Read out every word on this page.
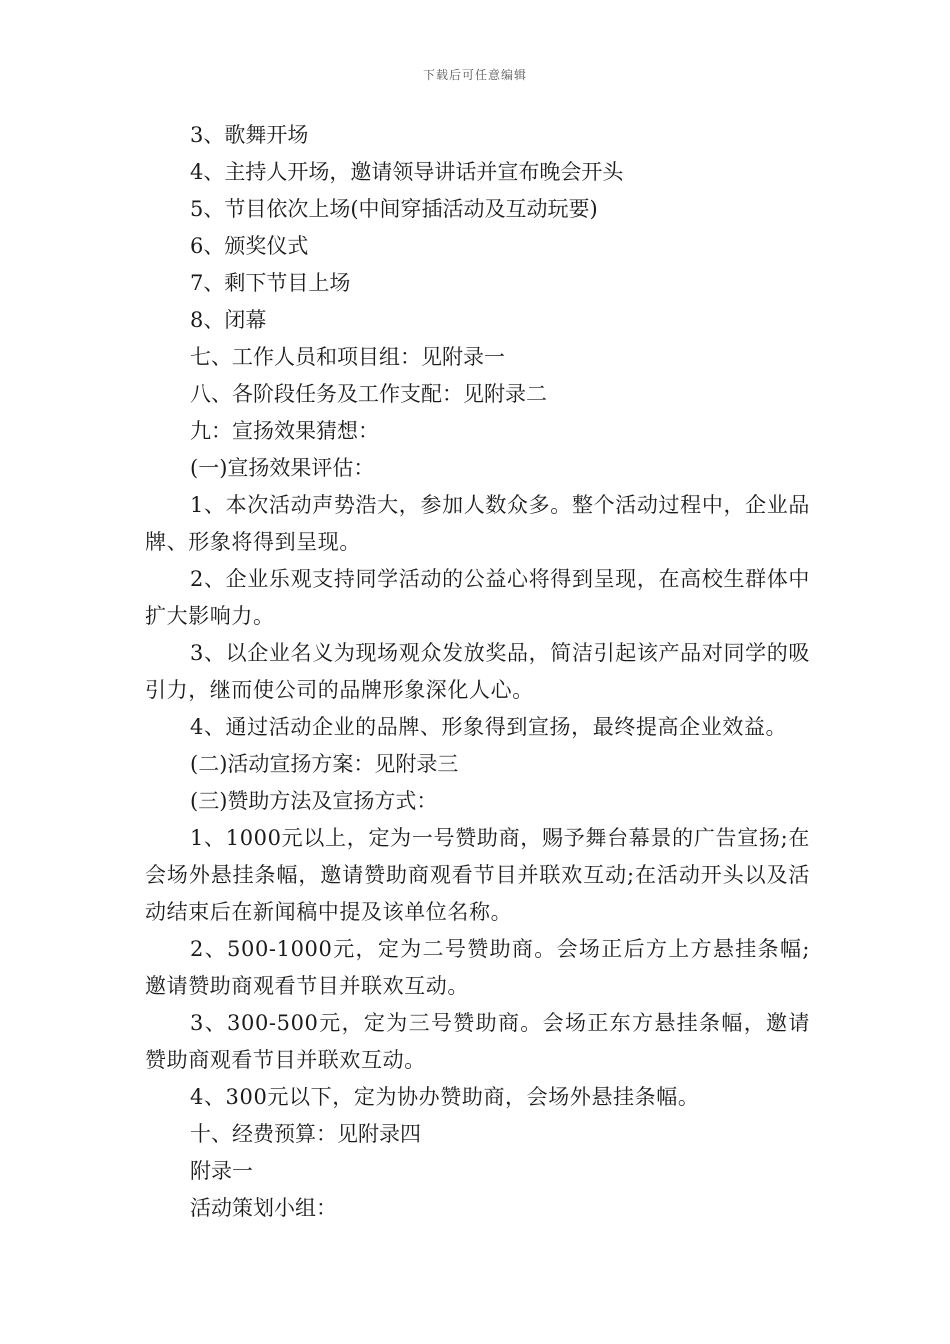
下载后可任意编辑
3、歌舞开场
4、主持人开场，邀请领导讲话并宣布晚会开头
5、节目依次上场(中间穿插活动及互动玩要)
6、颁奖仪式
7、剩下节目上场
8、闭幕
七、工作人员和项目组：见附录一
八、各阶段任务及工作支配：见附录二
九：宣扬效果猜想：
(一)宣扬效果评估：
1、本次活动声势浩大，参加人数众多。整个活动过程中，企业品牌、形象将得到呈现。
2、企业乐观支持同学活动的公益心将得到呈现，在高校生群体中扩大影响力。
3、以企业名义为现场观众发放奖品，简洁引起该产品对同学的吸引力，继而使公司的品牌形象深化人心。
4、通过活动企业的品牌、形象得到宣扬，最终提高企业效益。
(二)活动宣扬方案：见附录三
(三)赞助方法及宣扬方式：
1、1000元以上，定为一号赞助商，赐予舞台幕景的广告宣扬;在会场外悬挂条幅，邀请赞助商观看节目并联欢互动;在活动开头以及活动结束后在新闻稿中提及该单位名称。
2、500-1000元，定为二号赞助商。会场正后方上方悬挂条幅;邀请赞助商观看节目并联欢互动。
3、300-500元，定为三号赞助商。会场正东方悬挂条幅，邀请赞助商观看节目并联欢互动。
4、300元以下，定为协办赞助商，会场外悬挂条幅。
十、经费预算：见附录四
附录一
活动策划小组：
